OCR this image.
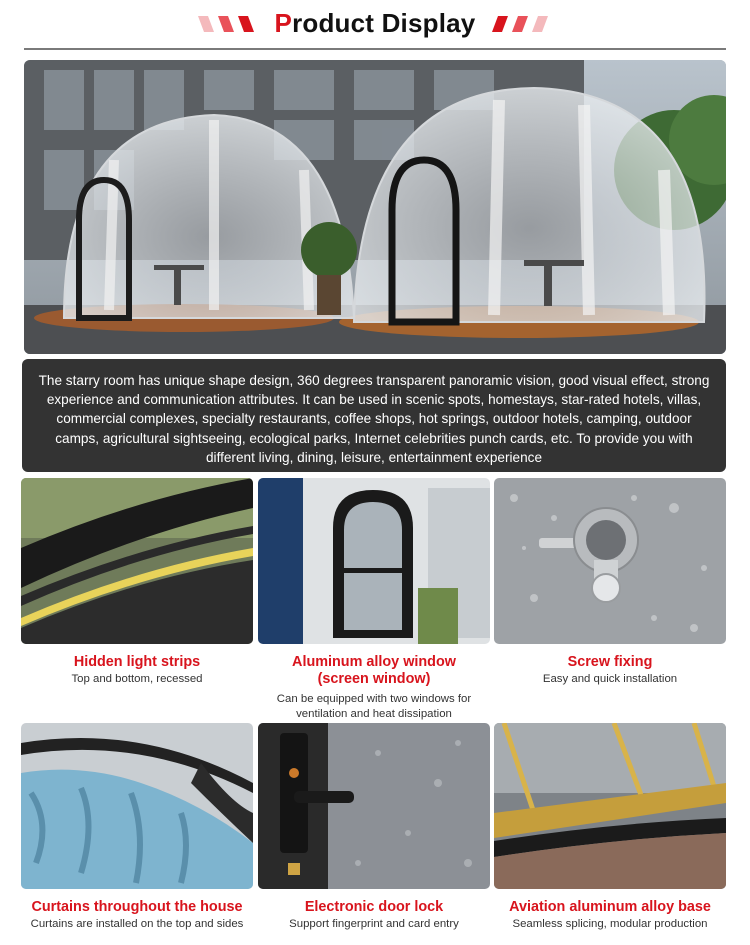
Product Display
The starry room has unique shape design, 360 degrees transparent panoramic vision, good visual effect, strong experience and communication attributes. It can be used in scenic spots, homestays, star-rated hotels, villas, commercial complexes, specialty restaurants, coffee shops, hot springs, outdoor hotels, camping, outdoor camps, agricultural sightseeing, ecological parks, Internet celebrities punch cards, etc. To provide you with different living, dining, leisure, entertainment experience
Hidden light strips
Top and bottom, recessed
Aluminum alloy window
(screen window)
Can be equipped with two windows for ventilation and heat dissipation
Screw fixing
Easy and quick installation
Curtains throughout the house
Curtains are installed on the top and sides
Electronic door lock
Support fingerprint and card entry
Aviation aluminum alloy base
Seamless splicing, modular production
